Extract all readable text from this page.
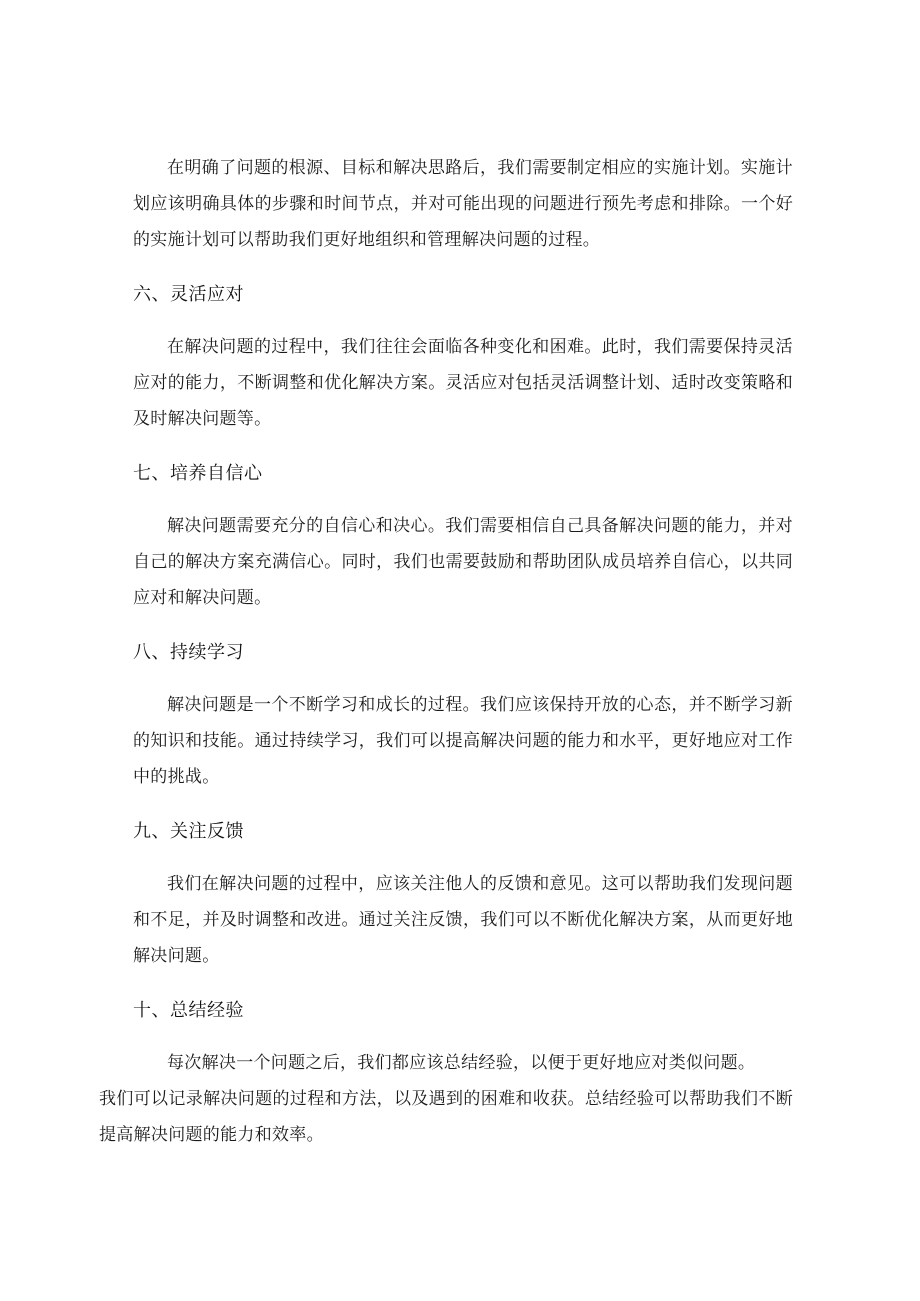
在明确了问题的根源、目标和解决思路后，我们需要制定相应的实施计划。实施计划应该明确具体的步骤和时间节点，并对可能出现的问题进行预先考虑和排除。一个好的实施计划可以帮助我们更好地组织和管理解决问题的过程。

六、灵活应对

在解决问题的过程中，我们往往会面临各种变化和困难。此时，我们需要保持灵活应对的能力，不断调整和优化解决方案。灵活应对包括灵活调整计划、适时改变策略和及时解决问题等。

七、培养自信心

解决问题需要充分的自信心和决心。我们需要相信自己具备解决问题的能力，并对自己的解决方案充满信心。同时，我们也需要鼓励和帮助团队成员培养自信心，以共同应对和解决问题。

八、持续学习

解决问题是一个不断学习和成长的过程。我们应该保持开放的心态，并不断学习新的知识和技能。通过持续学习，我们可以提高解决问题的能力和水平，更好地应对工作中的挑战。

九、关注反馈

我们在解决问题的过程中，应该关注他人的反馈和意见。这可以帮助我们发现问题和不足，并及时调整和改进。通过关注反馈，我们可以不断优化解决方案，从而更好地解决问题。

十、总结经验

每次解决一个问题之后，我们都应该总结经验，以便于更好地应对类似问题。
我们可以记录解决问题的过程和方法，以及遇到的困难和收获。总结经验可以帮助我们不断提高解决问题的能力和效率。
